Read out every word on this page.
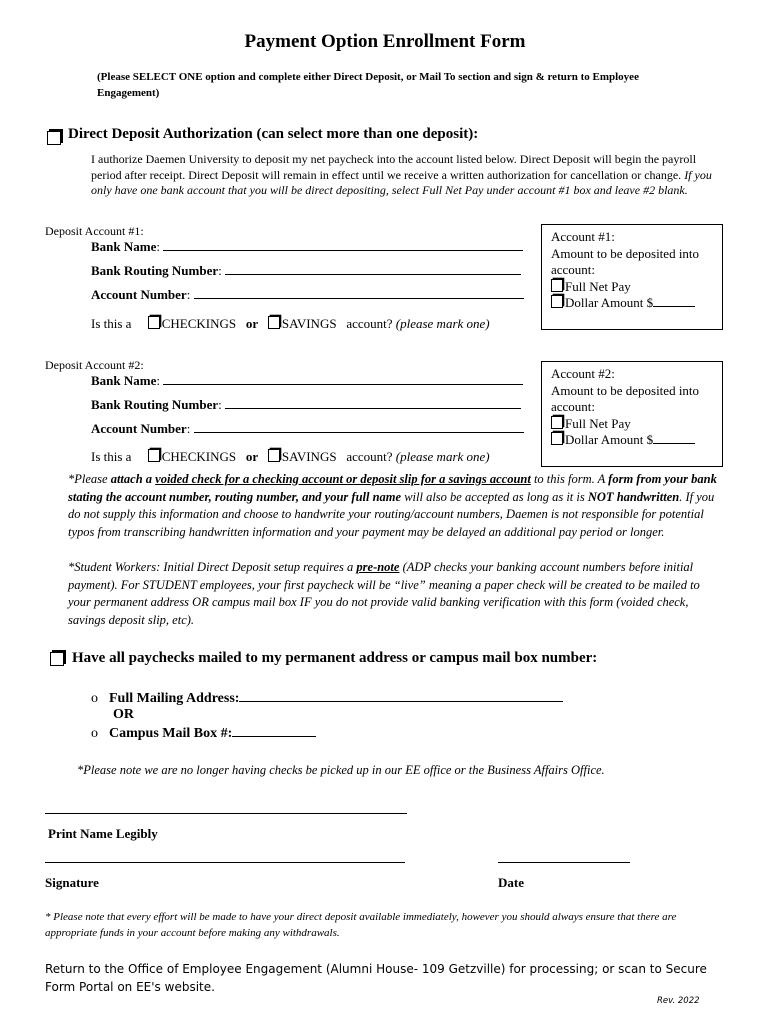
Payment Option Enrollment Form
(Please SELECT ONE option and complete either Direct Deposit, or Mail To section and sign & return to Employee Engagement)
Direct Deposit Authorization (can select more than one deposit):
I authorize Daemen University to deposit my net paycheck into the account listed below. Direct Deposit will begin the payroll period after receipt. Direct Deposit will remain in effect until we receive a written authorization for cancellation or change. If you only have one bank account that you will be direct depositing, select Full Net Pay under account #1 box and leave #2 blank.
Deposit Account #1:
Bank Name:
Bank Routing Number:
Account Number:
Is this a CHECKINGS or SAVINGS account? (please mark one)
Account #1:
Amount to be deposited into account:
Full Net Pay
Dollar Amount $
Deposit Account #2:
Bank Name:
Bank Routing Number:
Account Number:
Is this a CHECKINGS or SAVINGS account? (please mark one)
Account #2:
Amount to be deposited into account:
Full Net Pay
Dollar Amount $
*Please attach a voided check for a checking account or deposit slip for a savings account to this form. A form from your bank stating the account number, routing number, and your full name will also be accepted as long as it is NOT handwritten. If you do not supply this information and choose to handwrite your routing/account numbers, Daemen is not responsible for potential typos from transcribing handwritten information and your payment may be delayed an additional pay period or longer.
*Student Workers: Initial Direct Deposit setup requires a pre-note (ADP checks your banking account numbers before initial payment). For STUDENT employees, your first paycheck will be “live” meaning a paper check will be created to be mailed to your permanent address OR campus mail box IF you do not provide valid banking verification with this form (voided check, savings deposit slip, etc).
Have all paychecks mailed to my permanent address or campus mail box number:
o Full Mailing Address:
OR
o Campus Mail Box #:
*Please note we are no longer having checks be picked up in our EE office or the Business Affairs Office.
Print Name Legibly
Signature	Date
* Please note that every effort will be made to have your direct deposit available immediately, however you should always ensure that there are appropriate funds in your account before making any withdrawals.
Return to the Office of Employee Engagement (Alumni House- 109 Getzville) for processing; or scan to Secure Form Portal on EE's website.
Rev. 2022
